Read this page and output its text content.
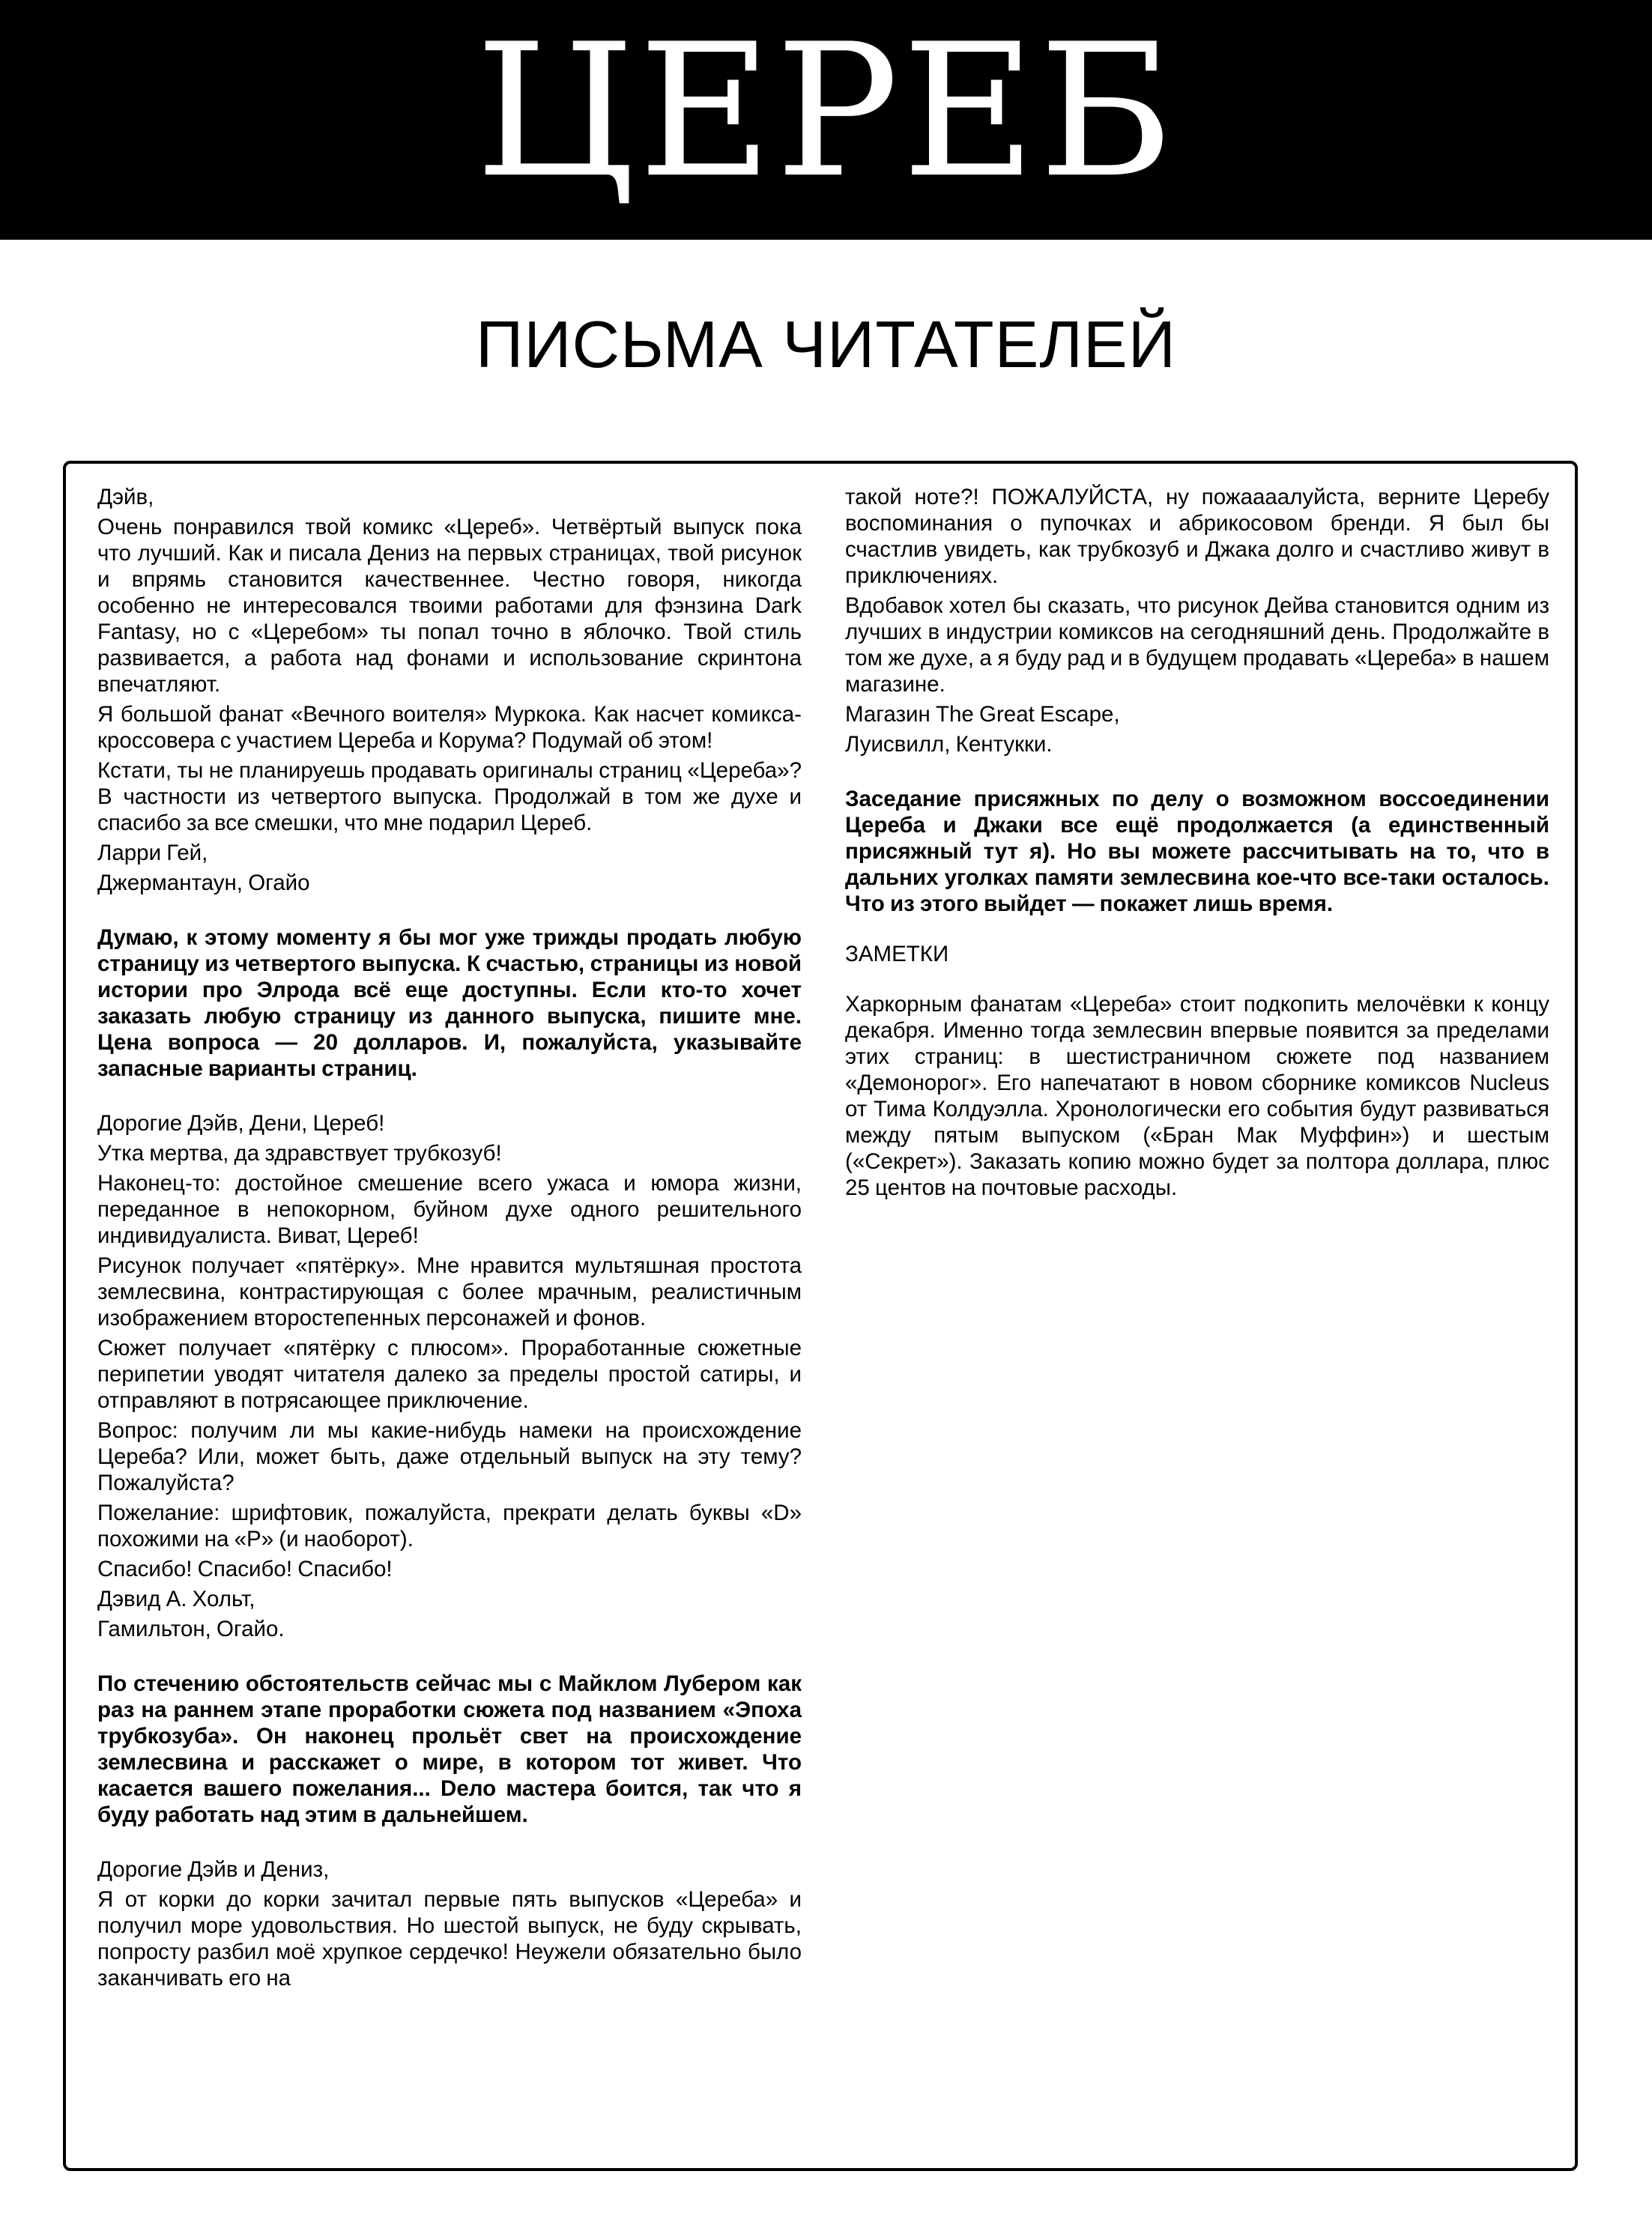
ЦЕРЕБ
ПИСЬМА ЧИТАТЕЛЕЙ

Дэйв,

Очень понравился твой комикс «Цереб». Четвёртый выпуск пока что лучший. Как и писала Дениз на первых страницах, твой рисунок и впрямь становится качественнее. Честно говоря, никогда особенно не интересовался твоими работами для фэнзина Dark Fantasy, но с «Церебом» ты попал точно в яблочко. Твой стиль развивается, а работа над фонами и использование скринтона впечатляют.

Я большой фанат «Вечного воителя» Муркока. Как насчет комикса-кроссовера с участием Цереба и Корума? Подумай об этом!

Кстати, ты не планируешь продавать оригиналы страниц «Цереба»? В частности из четвертого выпуска. Продолжай в том же духе и спасибо за все смешки, что мне подарил Цереб.

Ларри Гей,

Джермантаун, Огайо

Думаю, к этому моменту я бы мог уже трижды продать любую страницу из четвертого выпуска. К счастью, страницы из новой истории про Элрода всё еще доступны. Если кто-то хочет заказать любую страницу из данного выпуска, пишите мне. Цена вопроса — 20 долларов. И, пожалуйста, указывайте запасные варианты страниц.

Дорогие Дэйв, Дени, Цереб!

Утка мертва, да здравствует трубкозуб!

Наконец-то: достойное смешение всего ужаса и юмора жизни, переданное в непокорном, буйном духе одного решительного индивидуалиста. Виват, Цереб!

Рисунок получает «пятёрку». Мне нравится мультяшная простота землесвина, контрастирующая с более мрачным, реалистичным изображением второстепенных персонажей и фонов.

Сюжет получает «пятёрку с плюсом». Проработанные сюжетные перипетии уводят читателя далеко за пределы простой сатиры, и отправляют в потрясающее приключение.

Вопрос: получим ли мы какие-нибудь намеки на происхождение Цереба? Или, может быть, даже отдельный выпуск на эту тему? Пожалуйста?

Пожелание: шрифтовик, пожалуйста, прекрати делать буквы «D» похожими на «P» (и наоборот).

Спасибо! Спасибо! Спасибо!

Дэвид А. Хольт,

Гамильтон, Огайо.

По стечению обстоятельств сейчас мы с Майклом Лубером как раз на раннем этапе проработки сюжета под названием «Эпоха трубкозуба». Он наконец прольёт свет на происхождение землесвина и расскажет о мире, в котором тот живет. Что касается вашего пожелания... Dело мастера боится, так что я буду работать над этим в дальнейшем.

Дорогие Дэйв и Дениз,

Я от корки до корки зачитал первые пять выпусков «Цереба» и получил море удовольствия. Но шестой выпуск, не буду скрывать, попросту разбил моё хрупкое сердечко! Неужели обязательно было заканчивать его на

такой ноте?! ПОЖАЛУЙСТА, ну пожаааалуйста, верните Церебу воспоминания о пупочках и абрикосовом бренди. Я был бы счастлив увидеть, как трубкозуб и Джака долго и счастливо живут в приключениях.

Вдобавок хотел бы сказать, что рисунок Дейва становится одним из лучших в индустрии комиксов на сегодняшний день. Продолжайте в том же духе, а я буду рад и в будущем продавать «Цереба» в нашем магазине.

Магазин The Great Escape,

Луисвилл, Кентукки.

Заседание присяжных по делу о возможном воссоединении Цереба и Джаки все ещё продолжается (а единственный присяжный тут я). Но вы можете рассчитывать на то, что в дальних уголках памяти землесвина кое-что все-таки осталось. Что из этого выйдет — покажет лишь время.

ЗАМЕТКИ

Харкорным фанатам «Цереба» стоит подкопить мелочёвки к концу декабря. Именно тогда землесвин впервые появится за пределами этих страниц: в шестистраничном сюжете под названием «Демонорог». Его напечатают в новом сборнике комиксов Nucleus от Тима Колдуэлла. Хронологически его события будут развиваться между пятым выпуском («Бран Мак Муффин») и шестым («Секрет»). Заказать копию можно будет за полтора доллара, плюс 25 центов на почтовые расходы.
